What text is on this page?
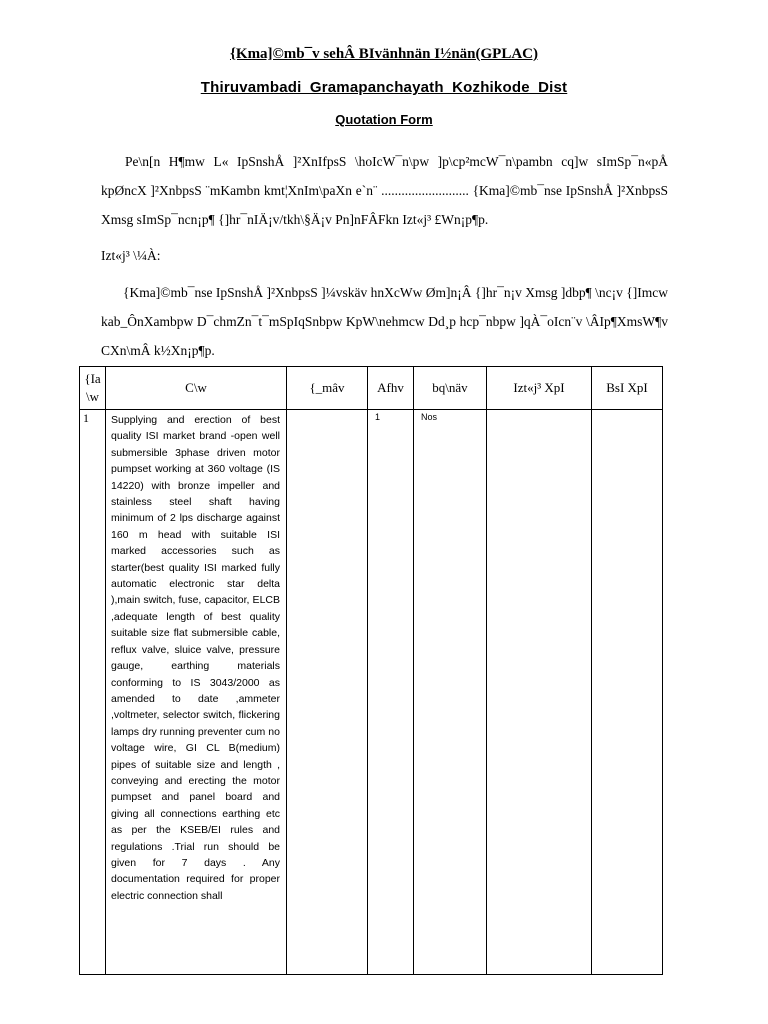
{Kma]©mb¯v sehÂ BIvänhnän I½nän(GPLAC)
Thiruvambadi Gramapanchayath Kozhikode Dist
Quotation Form
Pe\n[n H¶mw L« IpSnshÅ ]²XnIfpsS \hoIcW¯n\pw ]p\cp²mcW¯n\pambn cq]w sImSp¯n«pÅ kpØncX ]²XnbpsS ¨mKambn kmt¦XnIm\paXn e`n¨ .......................... {Kma]©mb¯nse IpSnshÅ ]²XnbpsS Xmsg sImSp¯ncn¡p¶ {]hr¯nIÄ¡v/tkh\§Ä¡v Pn]nFÂFkn Izt«j³ £Wn¡p¶p.
Izt«j³ \¼À:
{Kma]©mb¯nse IpSnshÅ ]²XnbpsS ]¼vskäv hnXcWw Øm]n¡Â {]hr¯n¡v Xmsg ]dbp¶ \nc¡v {]Imcw kab_ÔnXambpw D¯chmZn¯t¯mSpIqSnbpw KpW\nehmcw Dd¸p hcp¯nbpw ]qÀ¯oIcn¨v \ÂIp¶XmsW¶v CXn\mÂ k½Xn¡p¶p.
{Ia
\w	C\w	{_mâv	Afhv	bq\näv	Izt«j³ XpI	BsI XpI
1	Supplying and erection of best quality ISI market brand -open well submersible 3phase driven motor pumpset working at 360 voltage (IS 14220) with bronze impeller and stainless steel shaft having minimum of 2 lps discharge against 160 m head with suitable ISI marked accessories such as starter(best quality ISI marked fully automatic electronic star delta ),main switch, fuse, capacitor, ELCB ,adequate length of best quality suitable size flat submersible cable, reflux valve, sluice valve, pressure gauge, earthing materials conforming to IS 3043/2000 as amended to date ,ammeter ,voltmeter, selector switch, flickering lamps dry running preventer cum no voltage wire, GI CL B(medium) pipes of suitable size and length , conveying and erecting the motor pumpset and panel board and giving all connections earthing etc as per the KSEB/EI rules and regulations .Trial run should be given for 7 days . Any documentation required for proper electric connection shall		1	Nos		
